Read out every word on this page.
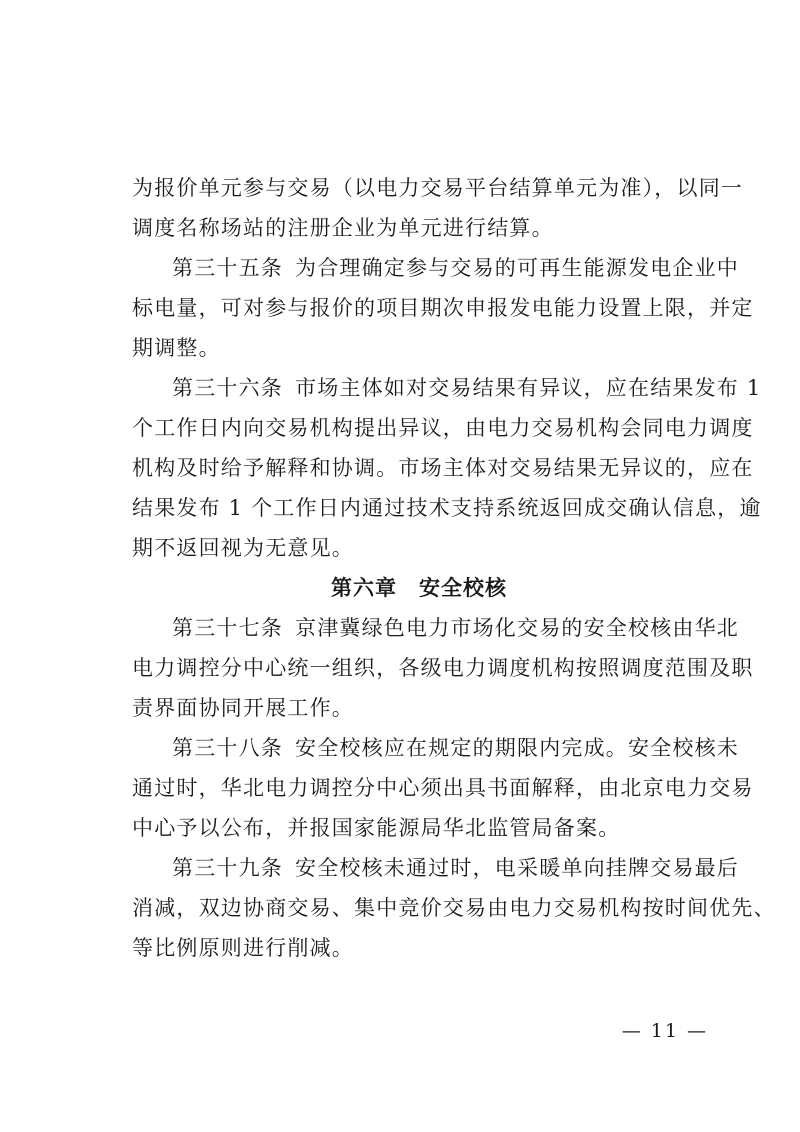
为报价单元参与交易（以电力交易平台结算单元为准），以同一
调度名称场站的注册企业为单元进行结算。
第三十五条 为合理确定参与交易的可再生能源发电企业中
标电量，可对参与报价的项目期次申报发电能力设置上限，并定
期调整。
第三十六条 市场主体如对交易结果有异议，应在结果发布 1
个工作日内向交易机构提出异议，由电力交易机构会同电力调度
机构及时给予解释和协调。市场主体对交易结果无异议的，应在
结果发布 1 个工作日内通过技术支持系统返回成交确认信息，逾
期不返回视为无意见。
第六章　安全校核
第三十七条 京津冀绿色电力市场化交易的安全校核由华北
电力调控分中心统一组织，各级电力调度机构按照调度范围及职
责界面协同开展工作。
第三十八条 安全校核应在规定的期限内完成。安全校核未
通过时，华北电力调控分中心须出具书面解释，由北京电力交易
中心予以公布，并报国家能源局华北监管局备案。
第三十九条 安全校核未通过时，电采暖单向挂牌交易最后
消减，双边协商交易、集中竞价交易由电力交易机构按时间优先、
等比例原则进行削减。
— 11 —
